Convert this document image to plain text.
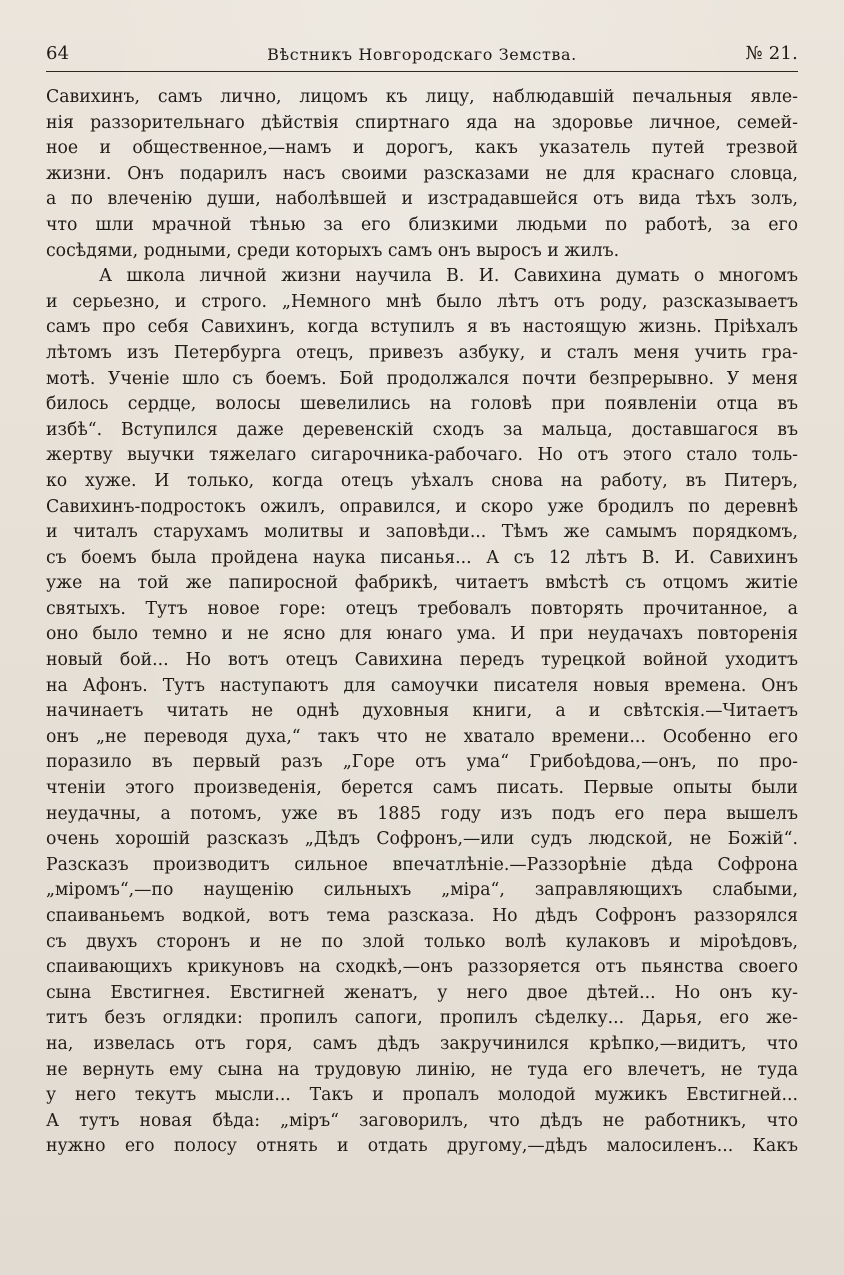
64	Вѣстникъ Новгородскаго Земства.	№ 21.
Савихинъ, самъ лично, лицомъ къ лицу, наблюдавшій печальныя явле-
нія раззорительнаго дѣйствія спиртнаго яда на здоровье личное, семей-
ное и общественное,—намъ и дорогъ, какъ указатель путей трезвой
жизни. Онъ подарилъ насъ своими разсказами не для краснаго словца,
а по влеченію души, наболѣвшей и изстрадавшейся отъ вида тѣхъ золъ,
что шли мрачной тѣнью за его близкими людьми по работѣ, за его
сосѣдями, родными, среди которыхъ самъ онъ выросъ и жилъ.
А школа личной жизни научила В. И. Савихина думать о многомъ
и серьезно, и строго. „Немного мнѣ было лѣтъ отъ роду, разсказываетъ
самъ про себя Савихинъ, когда вступилъ я въ настоящую жизнь. Пріѣхалъ
лѣтомъ изъ Петербурга отецъ, привезъ азбуку, и сталъ меня учить гра-
мотѣ. Ученіе шло съ боемъ. Бой продолжался почти безпрерывно. У меня
билось сердце, волосы шевелились на головѣ при появленіи отца въ
избѣ“. Вступился даже деревенскій сходъ за мальца, доставшагося въ
жертву выучки тяжелаго сигарочника-рабочаго. Но отъ этого стало толь-
ко хуже. И только, когда отецъ уѣхалъ снова на работу, въ Питеръ,
Савихинъ-подростокъ ожилъ, оправился, и скоро уже бродилъ по деревнѣ
и читалъ старухамъ молитвы и заповѣди... Тѣмъ же самымъ порядкомъ,
съ боемъ была пройдена наука писанья... А съ 12 лѣтъ В. И. Савихинъ
уже на той же папиросной фабрикѣ, читаетъ вмѣстѣ съ отцомъ житіе
святыхъ. Тутъ новое горе: отецъ требовалъ повторять прочитанное, а
оно было темно и не ясно для юнаго ума. И при неудачахъ повторенія
новый бой... Но вотъ отецъ Савихина передъ турецкой войной уходитъ
на Афонъ. Тутъ наступаютъ для самоучки писателя новыя времена. Онъ
начинаетъ читать не однѣ духовныя книги, а и свѣтскія.—Читаетъ
онъ „не переводя духа,“ такъ что не хватало времени... Особенно его
поразило въ первый разъ „Горе отъ ума“ Грибоѣдова,—онъ, по про-
чтеніи этого произведенія, берется самъ писать. Первые опыты были
неудачны, а потомъ, уже въ 1885 году изъ подъ его пера вышелъ
очень хорошій разсказъ „Дѣдъ Софронъ,—или судъ людской, не Божій“.
Разсказъ производитъ сильное впечатлѣніе.—Раззорѣніе дѣда Софрона
„міромъ“,—по наущенію сильныхъ „міра“, заправляющихъ слабыми,
спаиваньемъ водкой, вотъ тема разсказа. Но дѣдъ Софронъ раззорялся
съ двухъ сторонъ и не по злой только волѣ кулаковъ и міроѣдовъ,
спаивающихъ крикуновъ на сходкѣ,—онъ раззоряется отъ пьянства своего
сына Евстигнея. Евстигней женатъ, у него двое дѣтей... Но онъ ку-
титъ безъ оглядки: пропилъ сапоги, пропилъ сѣделку... Дарья, его же-
на, извелась отъ горя, самъ дѣдъ закручинился крѣпко,—видитъ, что
не вернуть ему сына на трудовую линію, не туда его влечетъ, не туда
у него текутъ мысли... Такъ и пропалъ молодой мужикъ Евстигней...
А тутъ новая бѣда: „міръ“ заговорилъ, что дѣдъ не работникъ, что
нужно его полосу отнять и отдать другому,—дѣдъ малосиленъ... Какъ
